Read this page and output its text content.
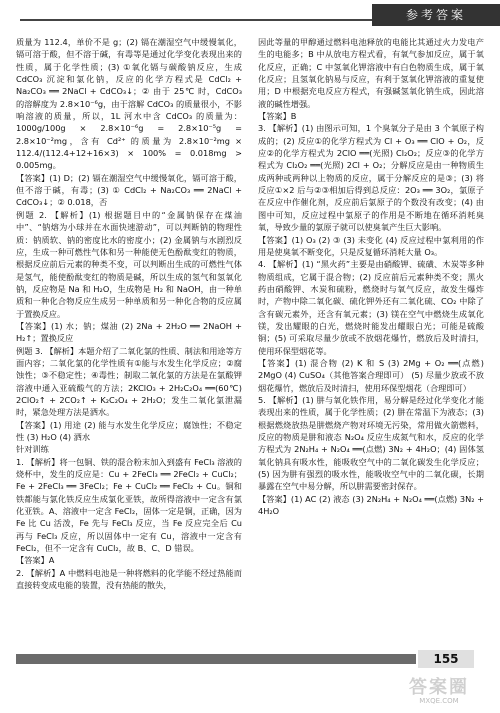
参考答案

质量为 112.4，单价不是 g；(2) 镉在潮湿空气中缓慢氧化，镉可溶于酸，但不溶于碱，有毒等是通过化学变化表现出来的性质，属于化学性质；(3) ①氧化镉与碳酸钠反应，生成 CdCO₃ 沉淀和氯化钠，反应的化学方程式是 CdCl₂ + Na₂CO₃ ══ 2NaCl + CdCO₃↓；② 由于 25℃ 时，CdCO₃ 的溶解度为 2.8×10⁻⁶g，由于溶解 CdCO₃ 的质量很小，不影响溶液的质量，所以，1L 河水中含 CdCO₃ 的质量为：1000g/100g × 2.8×10⁻⁶g = 2.8×10⁻⁵g = 2.8×10⁻²mg，含有 Cd²⁺ 的质量为 2.8×10⁻²mg × 112.4/(112.4+12+16×3) × 100% = 0.018mg > 0.005mg。

【答案】(1) D；(2) 镉在潮湿空气中缓慢氧化，镉可溶于酸，但不溶于碱，有毒；(3) ① CdCl₂ + Na₂CO₃ ══ 2NaCl + CdCO₃↓；② 0.018，否

例题 2. 【解析】(1) 根据题目中的“金属钠保存在煤油中”、“钠熔为小球并在水面快速游动”，可以判断钠的物理性质：钠质软、钠的密度比水的密度小；(2) 金属钠与水剧烈反应，生成一种可燃性气体和另一种能使无色酚酞变红的物质，根据反应前后元素的种类不变，可以判断出生成的可燃性气体是氢气，能使酚酞变红的物质是碱，所以生成的氢气和氢氧化钠，反应物是 Na 和 H₂O，生成物是 H₂ 和 NaOH，由一种单质和一种化合物反应生成另一种单质和另一种化合物的反应属于置换反应。

【答案】(1) 水；钠；煤油 (2) 2Na + 2H₂O ══ 2NaOH + H₂↑；置换反应

例题 3. 【解析】本题介绍了二氧化氯的性质、制法和用途等方面内容；二氧化氯的化学性质有①能与水发生化学反应；②腐蚀性；③不稳定性；④毒性；制取二氧化氯的方法是在氯酸钾溶液中通入亚硫酸气的方法；2KClO₃ + 2H₂C₂O₄ ══(60℃) 2ClO₂↑ + 2CO₂↑ + K₂C₂O₄ + 2H₂O；发生二氧化氯泄漏时，紧急处理方法是洒水。

【答案】(1) 用途 (2) 能与水发生化学反应；腐蚀性；不稳定性 (3) H₂O (4) 洒水

针对训练

1. 【解析】将一包铜、铁的混合粉末加入到盛有 FeCl₃ 溶液的烧杯中，发生的反应是：Cu + 2FeCl₃ ══ 2FeCl₂ + CuCl₂；Fe + 2FeCl₃ ══ 3FeCl₂；Fe + CuCl₂ ══ FeCl₂ + Cu。铜和铁都能与氯化铁反应生成氯化亚铁，故所得溶液中一定含有氯化亚铁。A、溶液中一定含 FeCl₂，固体一定是铜，正确，因为 Fe 比 Cu 活泼，Fe 先与 FeCl₃ 反应，当 Fe 反应完全后 Cu 再与 FeCl₃ 反应，所以固体中一定有 Cu，溶液中一定含有 FeCl₂，但不一定含有 CuCl₂，故 B、C、D 错误。

【答案】A

2. 【解析】A 中燃料电池是一种将燃料的化学能不经过热能而直接转变成电能的装置，没有热能的散失，

因此等量的甲醇通过燃料电池释放的电能比其通过火力发电产生的电能多；B 中从放电方程式看，有氧气参加反应，属于氧化反应，正确；C 中氢氧化钾溶液中有白色物质生成，属于氧化反应；且氢氧化钠易与反应，有利于氢氧化钾溶液的重复使用；D 中根据充电反应方程式，有强碱氢氧化钠生成，因此溶液的碱性增强。

【答案】B

3. 【解析】(1) 由图示可知，1 个臭氧分子是由 3 个氧原子构成的；(2) 反应①的化学方程式为 Cl + O₃ ══ ClO + O₂，反应②的化学方程式为 2ClO ══(光照) Cl₂O₂；反应③的化学方程式为 Cl₂O₂ ══(光照) 2Cl + O₂；分解反应是由一种物质生成两种或两种以上物质的反应，属于分解反应的是③；(3) 将反应①×2 后与②③相加后得到总反应：2O₃ ══ 3O₂，氯原子在反应中作催化剂，反应前后氯原子的个数没有改变；(4) 由图中可知，反应过程中氯原子的作用是不断地在循环消耗臭氧，导致少量的氯原子就可以使臭氧产生巨大影响。

【答案】(1) O₃ (2) ③ (3) 未变化 (4) 反应过程中氯利用的作用是使臭氧不断变化，只是反复循环消耗大量 O₃。

4. 【解析】(1) “黑火药”主要是由硝酸钾、硫磺、木炭等多种物质组成，它属于混合物；(2) 反应前后元素种类不变；黑火药由硝酸钾、木炭和硫粉，燃烧时与氧气反应，故发生爆炸时，产物中除二氧化碳、硫化钾外还有二氧化硫、CO₂ 中除了含有碳元素外，还含有氧元素；(3) 镁在空气中燃烧生成氧化镁，发出耀眼的白光，燃烧时能发出耀眼白光；可能是硫酸铜；(5) 可采取尽量少放或不放烟花爆竹，燃放后及时清扫，使用环保型烟花等。

【答案】(1) 混合物 (2) K 和 S (3) 2Mg + O₂ ══(点燃) 2MgO (4) CuSO₄（其他答案合理即可） (5) 尽量少放或不放烟花爆竹，燃放后及时清扫，使用环保型烟花（合理即可）

5. 【解析】(1) 肼与氧化铁作用，易分解是经过化学变化才能表现出来的性质，属于化学性质；(2) 肼在常温下为液态；(3) 根据燃烧放热是肼燃烧产物对环境无污染，常用做火箭燃料，反应的物质是肼和液态 N₂O₄ 反应生成氮气和水，反应的化学方程式为 2N₂H₄ + N₂O₄ ══(点燃) 3N₂ + 4H₂O；(4) 固体氢氧化钠具有吸水性，能吸收空气中的二氧化碳发生化学反应；(5) 因为肼有强烈的吸水性，能吸收空气中的二氧化碳，长期暴露在空气中易分解，所以肼需要密封保存。

【答案】(1) AC (2) 液态 (3) 2N₂H₄ + N₂O₄ ══(点燃) 3N₂ + 4H₂O

155
答案圈
MXQE.COM
